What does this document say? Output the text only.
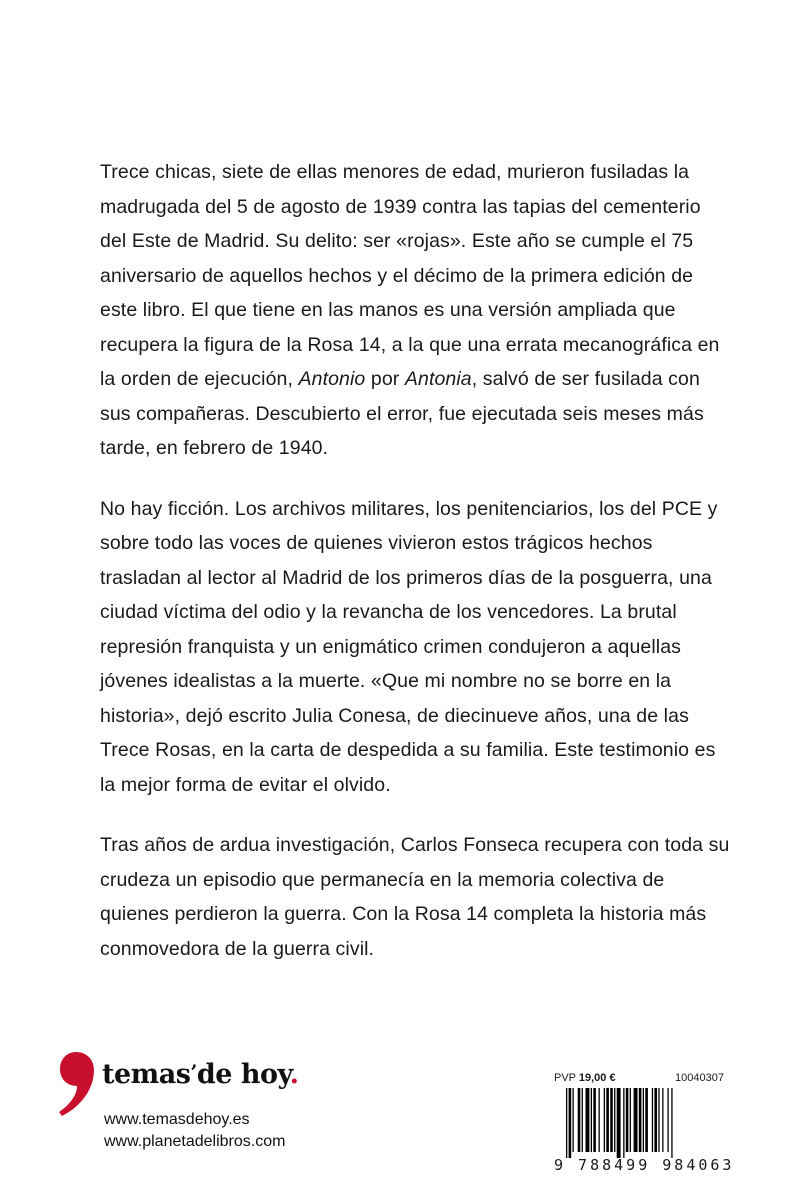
Trece chicas, siete de ellas menores de edad, murieron fusiladas la madrugada del 5 de agosto de 1939 contra las tapias del cementerio del Este de Madrid. Su delito: ser «rojas». Este año se cumple el 75 aniversario de aquellos hechos y el décimo de la primera edición de este libro. El que tiene en las manos es una versión ampliada que recupera la figura de la Rosa 14, a la que una errata mecanográfica en la orden de ejecución, Antonio por Antonia, salvó de ser fusilada con sus compañeras. Descubierto el error, fue ejecutada seis meses más tarde, en febrero de 1940.

No hay ficción. Los archivos militares, los penitenciarios, los del PCE y sobre todo las voces de quienes vivieron estos trágicos hechos trasladan al lector al Madrid de los primeros días de la posguerra, una ciudad víctima del odio y la revancha de los vencedores. La brutal represión franquista y un enigmático crimen condujeron a aquellas jóvenes idealistas a la muerte. «Que mi nombre no se borre en la historia», dejó escrito Julia Conesa, de diecinueve años, una de las Trece Rosas, en la carta de despedida a su familia. Este testimonio es la mejor forma de evitar el olvido.

Tras años de ardua investigación, Carlos Fonseca recupera con toda su crudeza un episodio que permanecía en la memoria colectiva de quienes perdieron la guerra. Con la Rosa 14 completa la historia más conmovedora de la guerra civil.

temas’de hoy.
www.temasdehoy.es
www.planetadelibros.com
PVP 19,00 €	10040307
9 788499 984063
